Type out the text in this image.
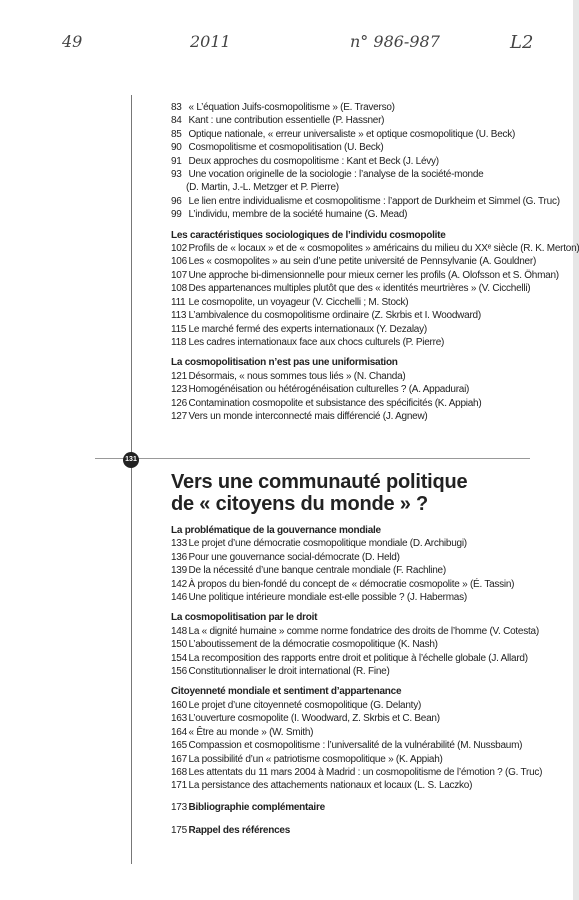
49	2011	n° 986-987	L2
131
83 « L’équation Juifs-cosmopolitisme » (E. Traverso)
84 Kant : une contribution essentielle (P. Hassner)
85 Optique nationale, « erreur universaliste » et optique cosmopolitique (U. Beck)
90 Cosmopolitisme et cosmopolitisation (U. Beck)
91 Deux approches du cosmopolitisme : Kant et Beck (J. Lévy)
93 Une vocation originelle de la sociologie : l’analyse de la société-monde
(D. Martin, J.-L. Metzger et P. Pierre)
96 Le lien entre individualisme et cosmopolitisme : l’apport de Durkheim et Simmel (G. Truc)
99 L’individu, membre de la société humaine (G. Mead)
Les caractéristiques sociologiques de l’individu cosmopolite
102 Profils de « locaux » et de « cosmopolites » américains du milieu du XXᵉ siècle (R. K. Merton)
106 Les « cosmopolites » au sein d’une petite université de Pennsylvanie (A. Gouldner)
107 Une approche bi-dimensionnelle pour mieux cerner les profils (A. Olofsson et S. Öhman)
108 Des appartenances multiples plutôt que des « identités meurtrières » (V. Cicchelli)
111 Le cosmopolite, un voyageur (V. Cicchelli ; M. Stock)
113 L’ambivalence du cosmopolitisme ordinaire (Z. Skrbis et I. Woodward)
115 Le marché fermé des experts internationaux (Y. Dezalay)
118 Les cadres internationaux face aux chocs culturels (P. Pierre)
La cosmopolitisation n’est pas une uniformisation
121 Désormais, « nous sommes tous liés » (N. Chanda)
123 Homogénéisation ou hétérogénéisation culturelles ? (A. Appadurai)
126 Contamination cosmopolite et subsistance des spécificités (K. Appiah)
127 Vers un monde interconnecté mais différencié (J. Agnew)
Vers une communauté politique
de « citoyens du monde » ?
La problématique de la gouvernance mondiale
133 Le projet d’une démocratie cosmopolitique mondiale (D. Archibugi)
136 Pour une gouvernance social-démocrate (D. Held)
139 De la nécessité d’une banque centrale mondiale (F. Rachline)
142 À propos du bien-fondé du concept de « démocratie cosmopolite » (É. Tassin)
146 Une politique intérieure mondiale est-elle possible ? (J. Habermas)
La cosmopolitisation par le droit
148 La « dignité humaine » comme norme fondatrice des droits de l’homme (V. Cotesta)
150 L’aboutissement de la démocratie cosmopolitique (K. Nash)
154 La recomposition des rapports entre droit et politique à l’échelle globale (J. Allard)
156 Constitutionnaliser le droit international (R. Fine)
Citoyenneté mondiale et sentiment d’appartenance
160 Le projet d’une citoyenneté cosmopolitique (G. Delanty)
163 L’ouverture cosmopolite (I. Woodward, Z. Skrbis et C. Bean)
164 « Être au monde » (W. Smith)
165 Compassion et cosmopolitisme : l’universalité de la vulnérabilité (M. Nussbaum)
167 La possibilité d’un « patriotisme cosmopolitique » (K. Appiah)
168 Les attentats du 11 mars 2004 à Madrid : un cosmopolitisme de l’émotion ? (G. Truc)
171 La persistance des attachements nationaux et locaux (L. S. Laczko)
173 Bibliographie complémentaire
175 Rappel des références
